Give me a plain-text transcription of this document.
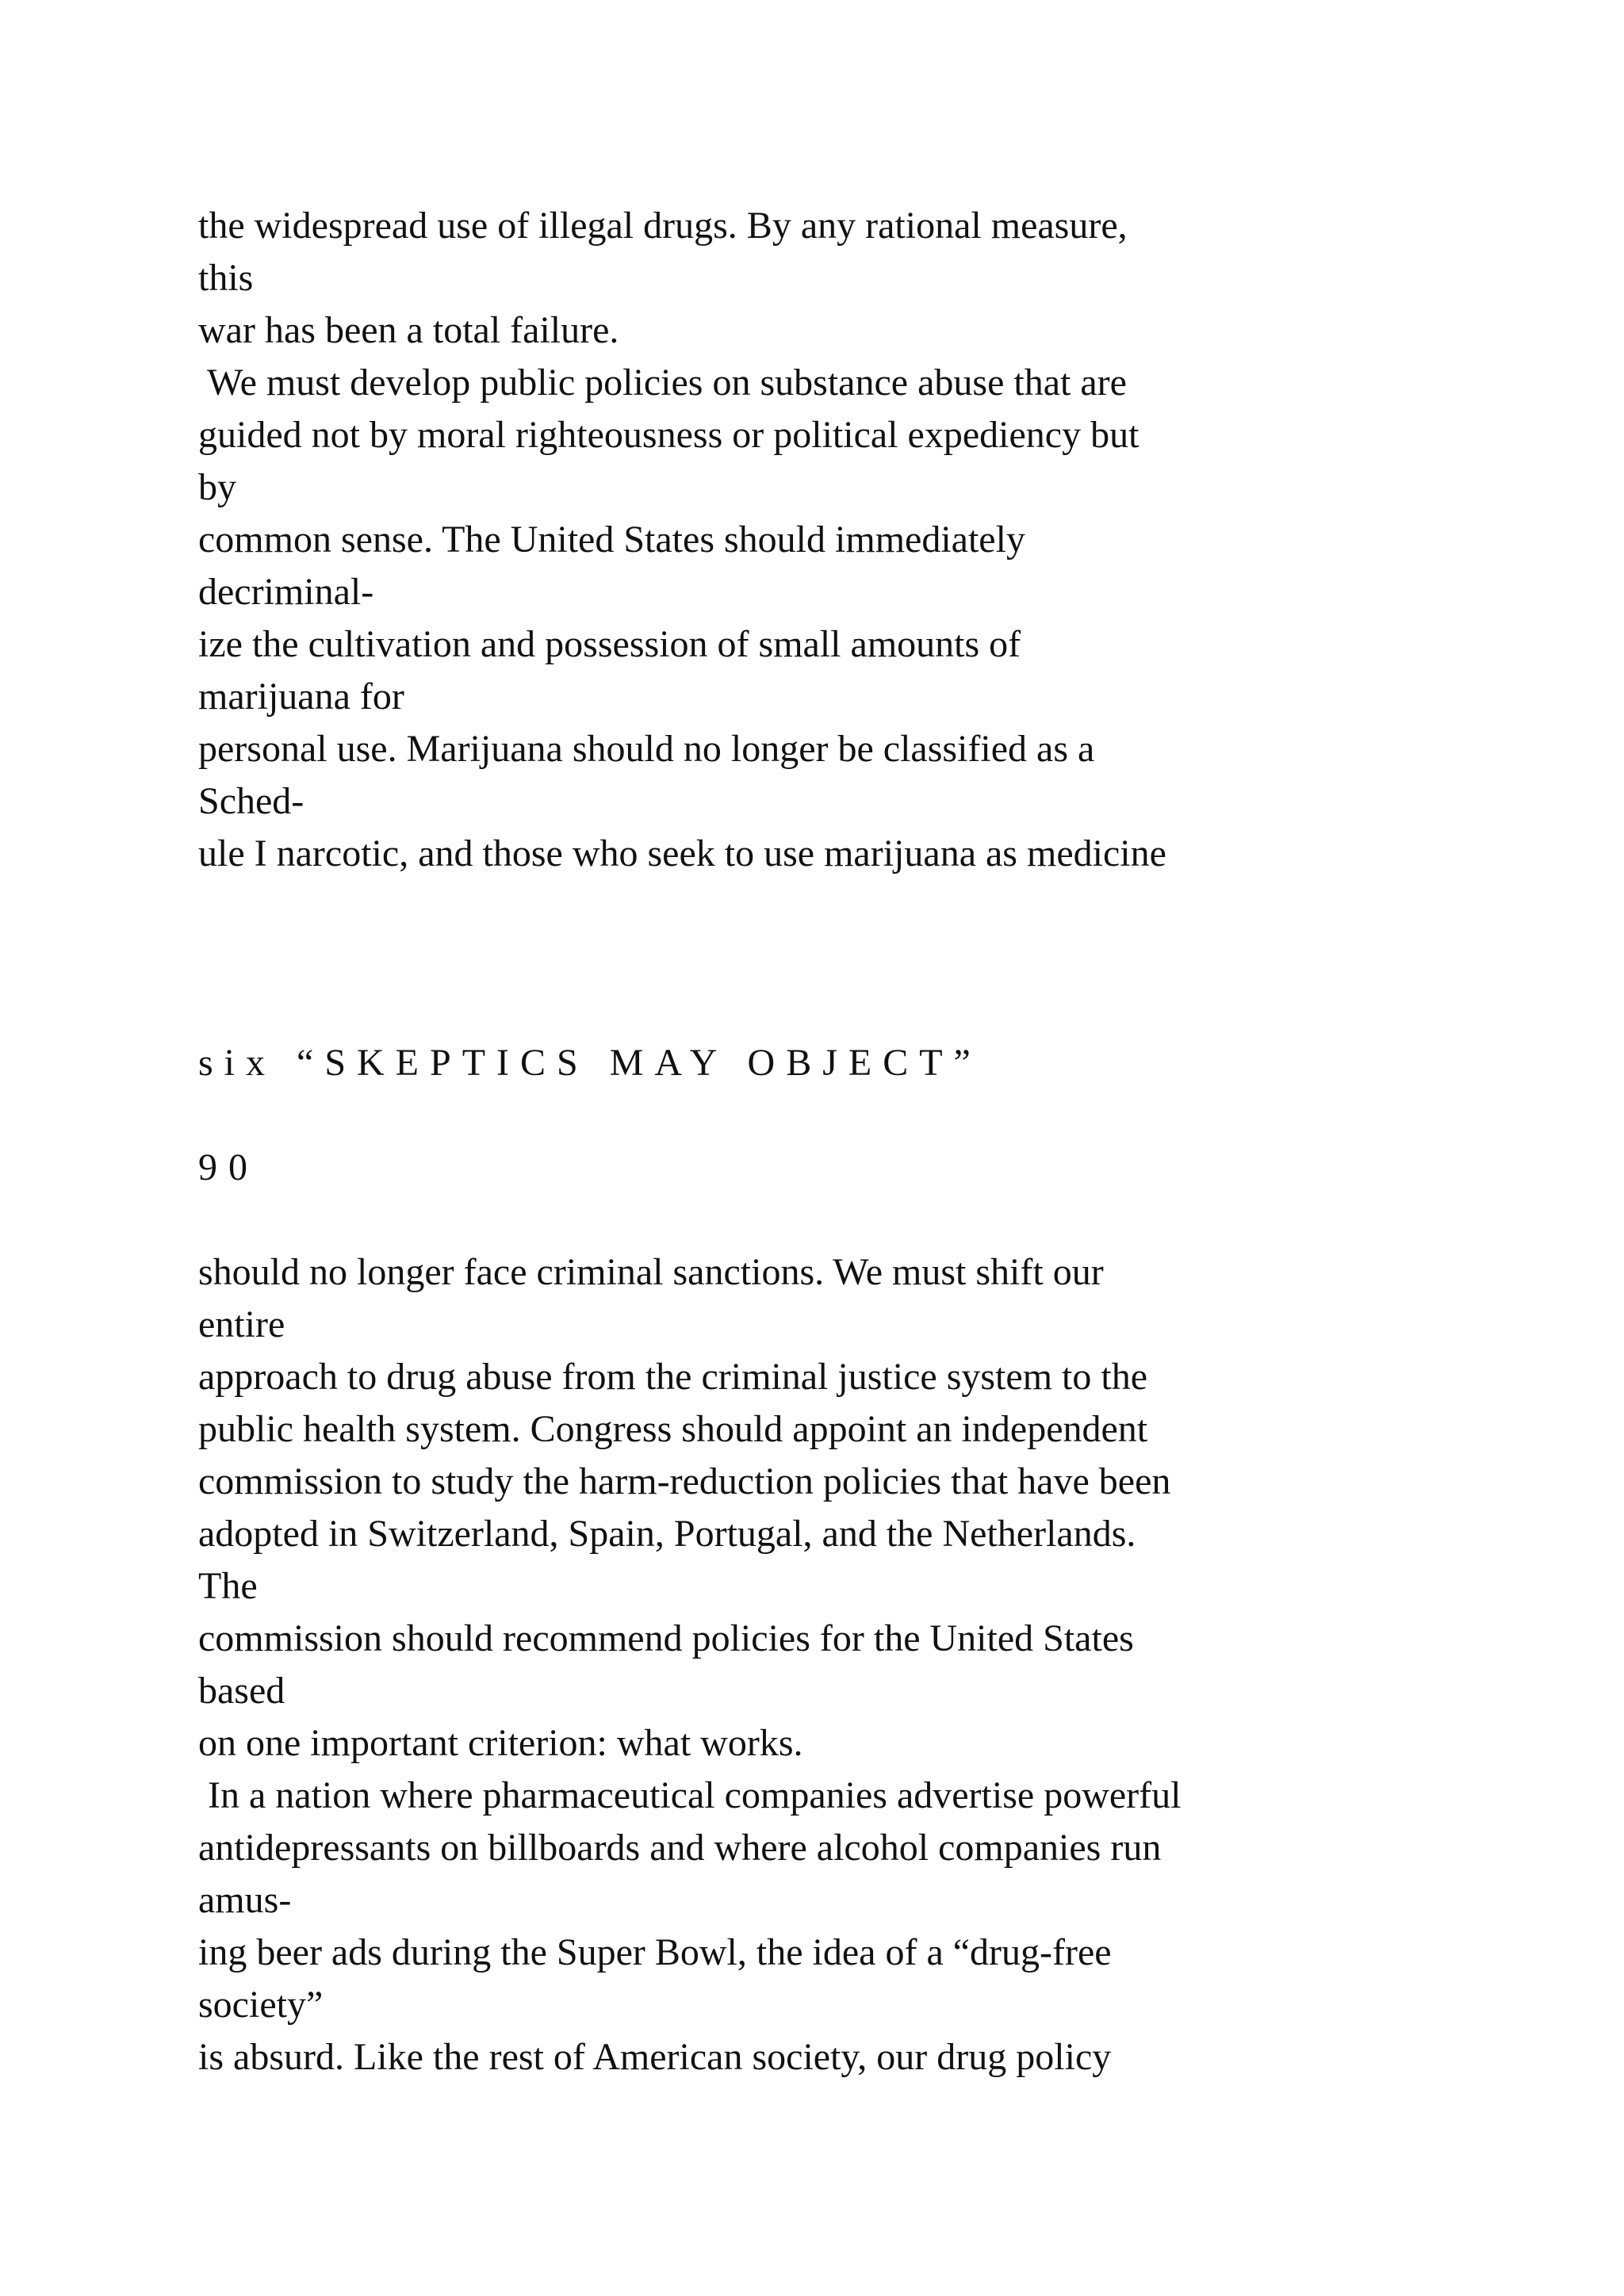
the widespread use of illegal drugs. By any rational measure,

this

war has been a total failure.

We must develop public policies on substance abuse that are

guided not by moral righteousness or political expediency but

by

common sense. The United States should immediately

decriminal-

ize the cultivation and possession of small amounts of

marijuana for

personal use. Marijuana should no longer be classified as a

Sched-

ule I narcotic, and those who seek to use marijuana as medicine

six “SKEPTICS MAY OBJECT”

90

should no longer face criminal sanctions. We must shift our

entire

approach to drug abuse from the criminal justice system to the

public health system. Congress should appoint an independent

commission to study the harm-reduction policies that have been

adopted in Switzerland, Spain, Portugal, and the Netherlands.

The

commission should recommend policies for the United States

based

on one important criterion: what works.

In a nation where pharmaceutical companies advertise powerful

antidepressants on billboards and where alcohol companies run

amus-

ing beer ads during the Super Bowl, the idea of a “drug-free

society”

is absurd. Like the rest of American society, our drug policy
